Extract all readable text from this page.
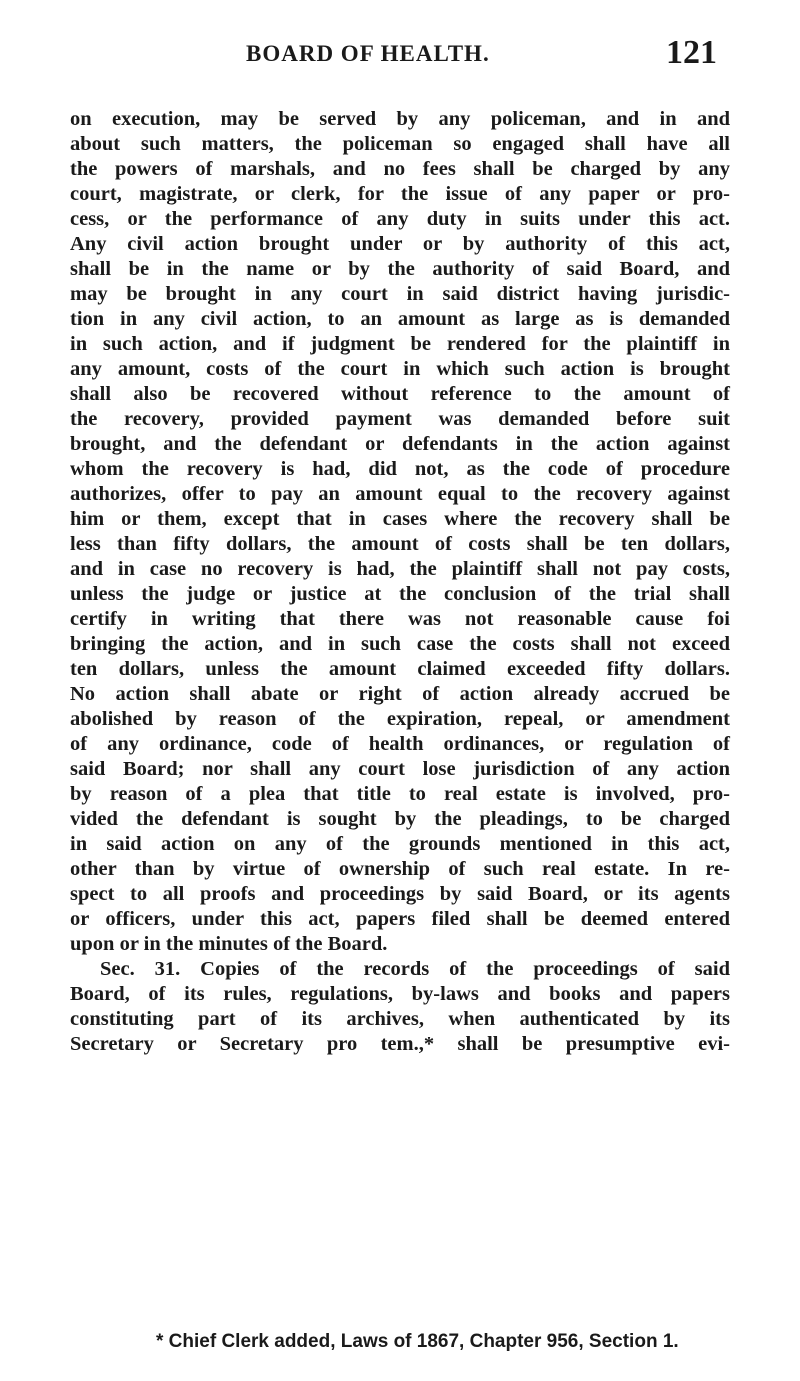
BOARD OF HEALTH.	121
on execution, may be served by any policeman, and in and
about such matters, the policeman so engaged shall have all
the powers of marshals, and no fees shall be charged by any
court, magistrate, or clerk, for the issue of any paper or pro-
cess, or the performance of any duty in suits under this act.
Any civil action brought under or by authority of this act,
shall be in the name or by the authority of said Board, and
may be brought in any court in said district having jurisdic-
tion in any civil action, to an amount as large as is demanded
in such action, and if judgment be rendered for the plaintiff in
any amount, costs of the court in which such action is brought
shall also be recovered without reference to the amount of
the recovery, provided payment was demanded before suit
brought, and the defendant or defendants in the action against
whom the recovery is had, did not, as the code of procedure
authorizes, offer to pay an amount equal to the recovery against
him or them, except that in cases where the recovery shall be
less than fifty dollars, the amount of costs shall be ten dollars,
and in case no recovery is had, the plaintiff shall not pay costs,
unless the judge or justice at the conclusion of the trial shall
certify in writing that there was not reasonable cause foi
bringing the action, and in such case the costs shall not exceed
ten dollars, unless the amount claimed exceeded fifty dollars.
No action shall abate or right of action already accrued be
abolished by reason of the expiration, repeal, or amendment
of any ordinance, code of health ordinances, or regulation of
said Board; nor shall any court lose jurisdiction of any action
by reason of a plea that title to real estate is involved, pro-
vided the defendant is sought by the pleadings, to be charged
in said action on any of the grounds mentioned in this act,
other than by virtue of ownership of such real estate. In re-
spect to all proofs and proceedings by said Board, or its agents
or officers, under this act, papers filed shall be deemed entered
upon or in the minutes of the Board.
Sec. 31. Copies of the records of the proceedings of said
Board, of its rules, regulations, by-laws and books and papers
constituting part of its archives, when authenticated by its
Secretary or Secretary pro tem.,* shall be presumptive evi-
* Chief Clerk added, Laws of 1867, Chapter 956, Section 1.
